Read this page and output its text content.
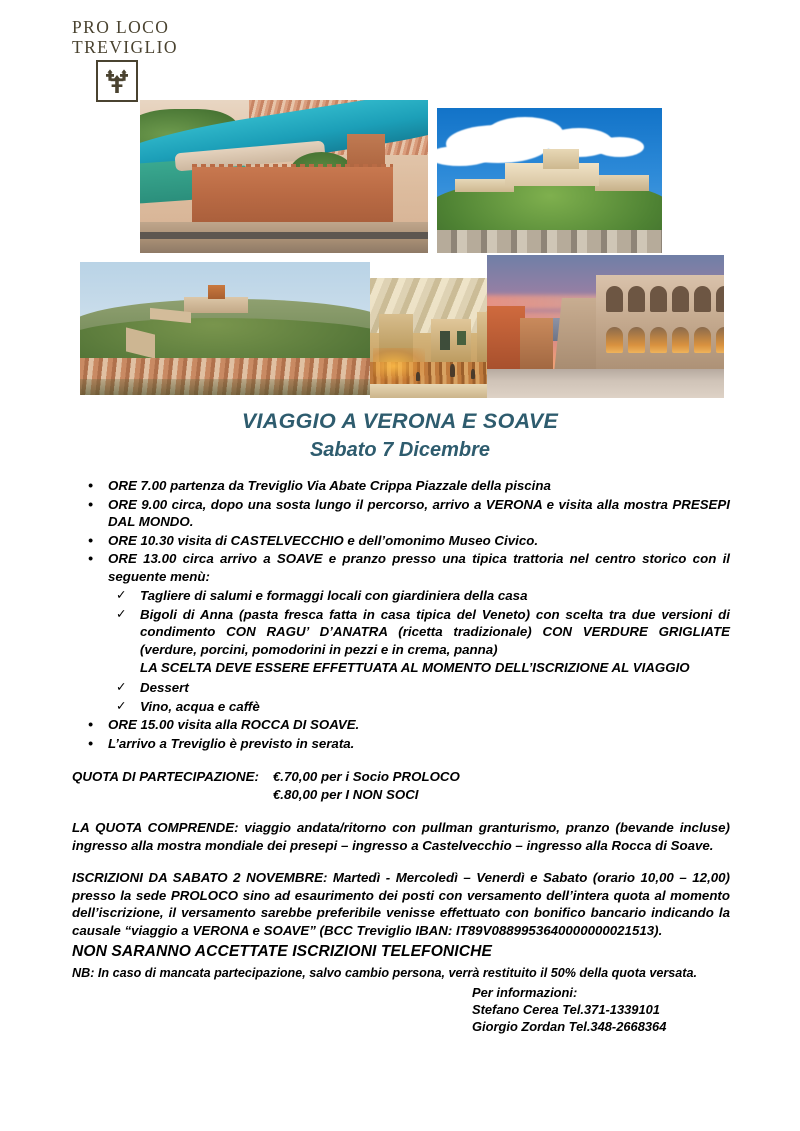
PRO LOCO
TREVIGLIO
VIAGGIO A VERONA E SOAVE
Sabato 7 Dicembre
• ORE 7.00 partenza da Treviglio Via Abate Crippa Piazzale della piscina
• ORE 9.00 circa, dopo una sosta lungo il percorso, arrivo a VERONA e visita alla mostra PRESEPI DAL MONDO.
• ORE 10.30 visita di CASTELVECCHIO e dell’omonimo Museo Civico.
• ORE 13.00 circa arrivo a SOAVE e pranzo presso una tipica trattoria nel centro storico con il seguente menù:
✓ Tagliere di salumi e formaggi locali con giardiniera della casa
✓ Bigoli di Anna (pasta fresca fatta in casa tipica del Veneto) con scelta tra due versioni di condimento CON RAGU’ D’ANATRA (ricetta tradizionale) CON VERDURE GRIGLIATE (verdure, porcini, pomodorini in pezzi e in crema, panna)
LA SCELTA DEVE ESSERE EFFETTUATA AL MOMENTO DELL’ISCRIZIONE AL VIAGGIO
✓ Dessert
✓ Vino, acqua e caffè
• ORE 15.00 visita alla ROCCA DI SOAVE.
• L’arrivo a Treviglio è previsto in serata.
QUOTA DI PARTECIPAZIONE: €.70,00 per i Socio PROLOCO
€.80,00 per I NON SOCI
LA QUOTA COMPRENDE: viaggio andata/ritorno con pullman granturismo, pranzo (bevande incluse) ingresso alla mostra mondiale dei presepi – ingresso a Castelvecchio – ingresso alla Rocca di Soave.
ISCRIZIONI DA SABATO 2 NOVEMBRE: Martedì - Mercoledì – Venerdì e Sabato (orario 10,00 – 12,00) presso la sede PROLOCO sino ad esaurimento dei posti con versamento dell’intera quota al momento dell’iscrizione, il versamento sarebbe preferibile venisse effettuato con bonifico bancario indicando la causale “viaggio a VERONA e SOAVE” (BCC Treviglio IBAN: IT89V0889953640000000021513).
NON SARANNO ACCETTATE ISCRIZIONI TELEFONICHE
NB: In caso di mancata partecipazione, salvo cambio persona, verrà restituito il 50% della quota versata.
Per informazioni:
Stefano Cerea Tel.371-1339101
Giorgio Zordan Tel.348-2668364
